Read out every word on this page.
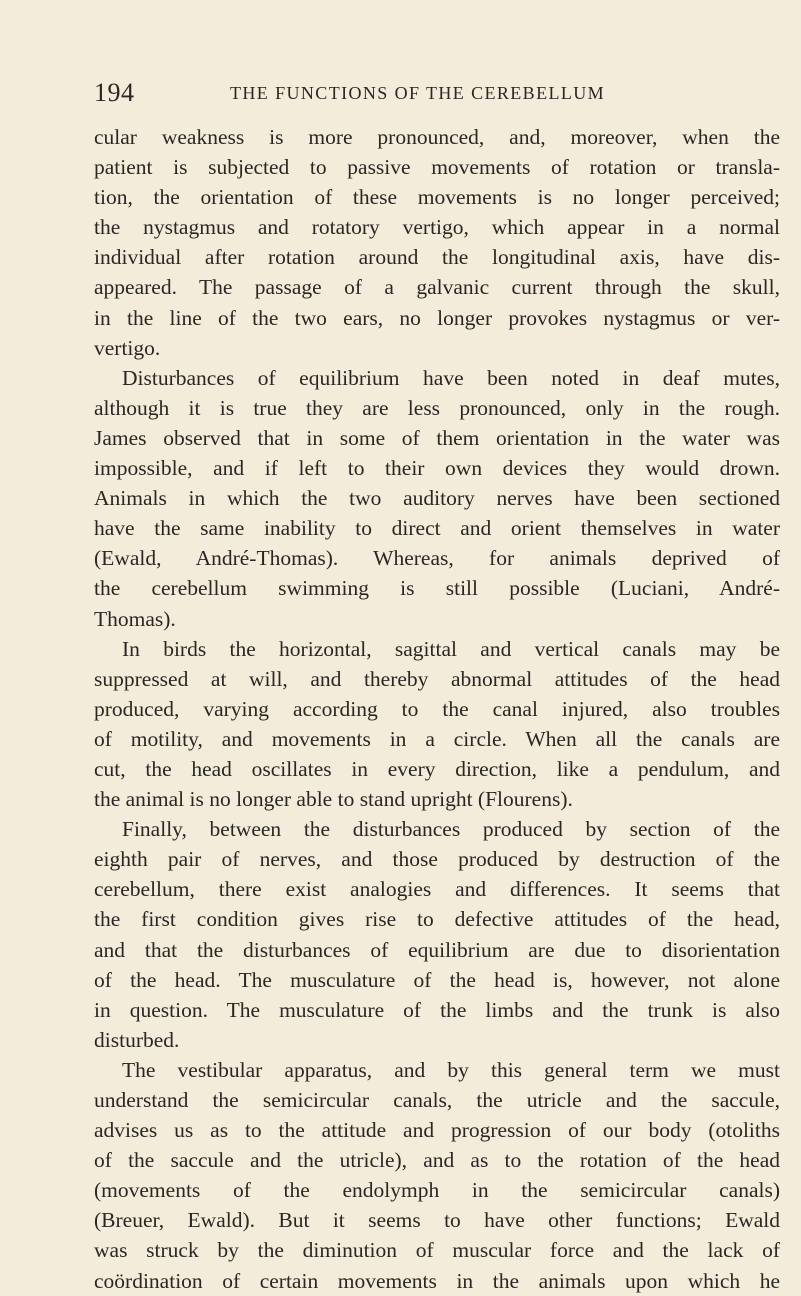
194	THE FUNCTIONS OF THE CEREBELLUM
cular weakness is more pronounced, and, moreover, when the
patient is subjected to passive movements of rotation or transla-
tion, the orientation of these movements is no longer perceived;
the nystagmus and rotatory vertigo, which appear in a normal
individual after rotation around the longitudinal axis, have dis-
appeared. The passage of a galvanic current through the skull,
in the line of the two ears, no longer provokes nystagmus or ver-
vertigo.
Disturbances of equilibrium have been noted in deaf mutes,
although it is true they are less pronounced, only in the rough.
James observed that in some of them orientation in the water was
impossible, and if left to their own devices they would drown.
Animals in which the two auditory nerves have been sectioned
have the same inability to direct and orient themselves in water
(Ewald, André-Thomas). Whereas, for animals deprived of
the cerebellum swimming is still possible (Luciani, André-
Thomas).
In birds the horizontal, sagittal and vertical canals may be
suppressed at will, and thereby abnormal attitudes of the head
produced, varying according to the canal injured, also troubles
of motility, and movements in a circle. When all the canals are
cut, the head oscillates in every direction, like a pendulum, and
the animal is no longer able to stand upright (Flourens).
Finally, between the disturbances produced by section of the
eighth pair of nerves, and those produced by destruction of the
cerebellum, there exist analogies and differences. It seems that
the first condition gives rise to defective attitudes of the head,
and that the disturbances of equilibrium are due to disorientation
of the head. The musculature of the head is, however, not alone
in question. The musculature of the limbs and the trunk is also
disturbed.
The vestibular apparatus, and by this general term we must
understand the semicircular canals, the utricle and the saccule,
advises us as to the attitude and progression of our body (otoliths
of the saccule and the utricle), and as to the rotation of the head
(movements of the endolymph in the semicircular canals)
(Breuer, Ewald). But it seems to have other functions; Ewald
was struck by the diminution of muscular force and the lack of
coördination of certain movements in the animals upon which he
